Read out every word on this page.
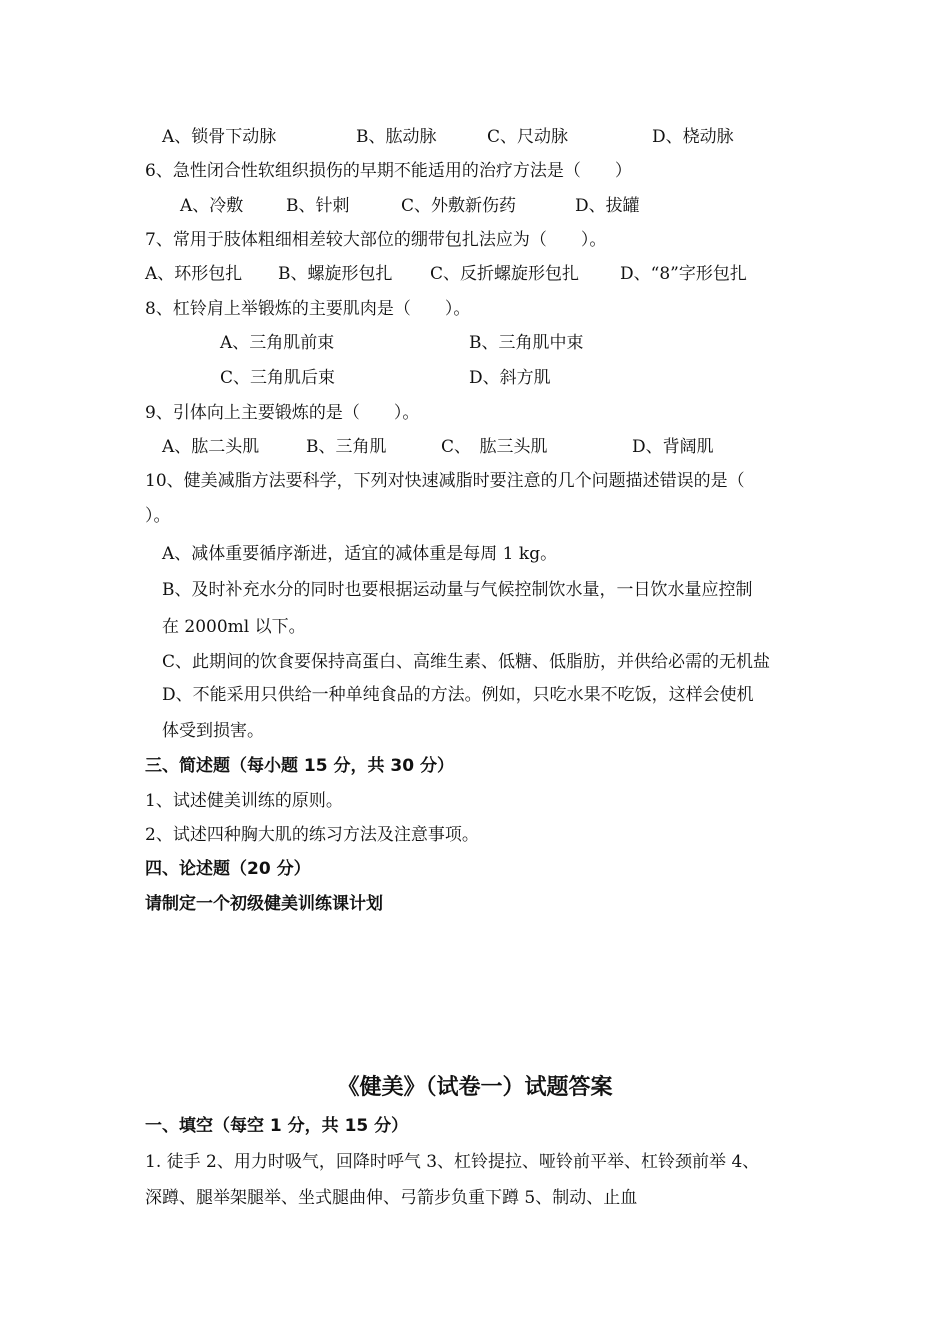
A、锁骨下动脉	B、肱动脉	C、尺动脉	D、桡动脉
6、急性闭合性软组织损伤的早期不能适用的治疗方法是（　　）
A、冷敷	B、针刺	C、外敷新伤药	D、拔罐
7、常用于肢体粗细相差较大部位的绷带包扎法应为（　　）。
A、环形包扎 B、螺旋形包扎 C、反折螺旋形包扎 D、“8”字形包扎
8、杠铃肩上举锻炼的主要肌肉是（　　）。
A、三角肌前束	B、三角肌中束
C、三角肌后束	D、斜方肌
9、引体向上主要锻炼的是（　　）。
A、肱二头肌	B、三角肌	C、　肱三头肌	D、背阔肌
10、健美减脂方法要科学，下列对快速减脂时要注意的几个问题描述错误的是（
）。
A、减体重要循序渐进，适宜的减体重是每周 1 kg。
B、及时补充水分的同时也要根据运动量与气候控制饮水量，一日饮水量应控制
在 2000ml 以下。
C、此期间的饮食要保持高蛋白、高维生素、低糖、低脂肪，并供给必需的无机盐
D、不能采用只供给一种单纯食品的方法。例如，只吃水果不吃饭，这样会使机
体受到损害。
三、简述题（每小题 15 分，共 30 分）
1、试述健美训练的原则。
2、试述四种胸大肌的练习方法及注意事项。
四、论述题（20 分）
请制定一个初级健美训练课计划
《健美》（试卷一）试题答案
一、填空（每空 1 分，共 15 分）
1. 徒手 2、用力时吸气，回降时呼气 3、杠铃提拉、哑铃前平举、杠铃颈前举 4、
深蹲、腿举架腿举、坐式腿曲伸、弓箭步负重下蹲 5、制动、止血
